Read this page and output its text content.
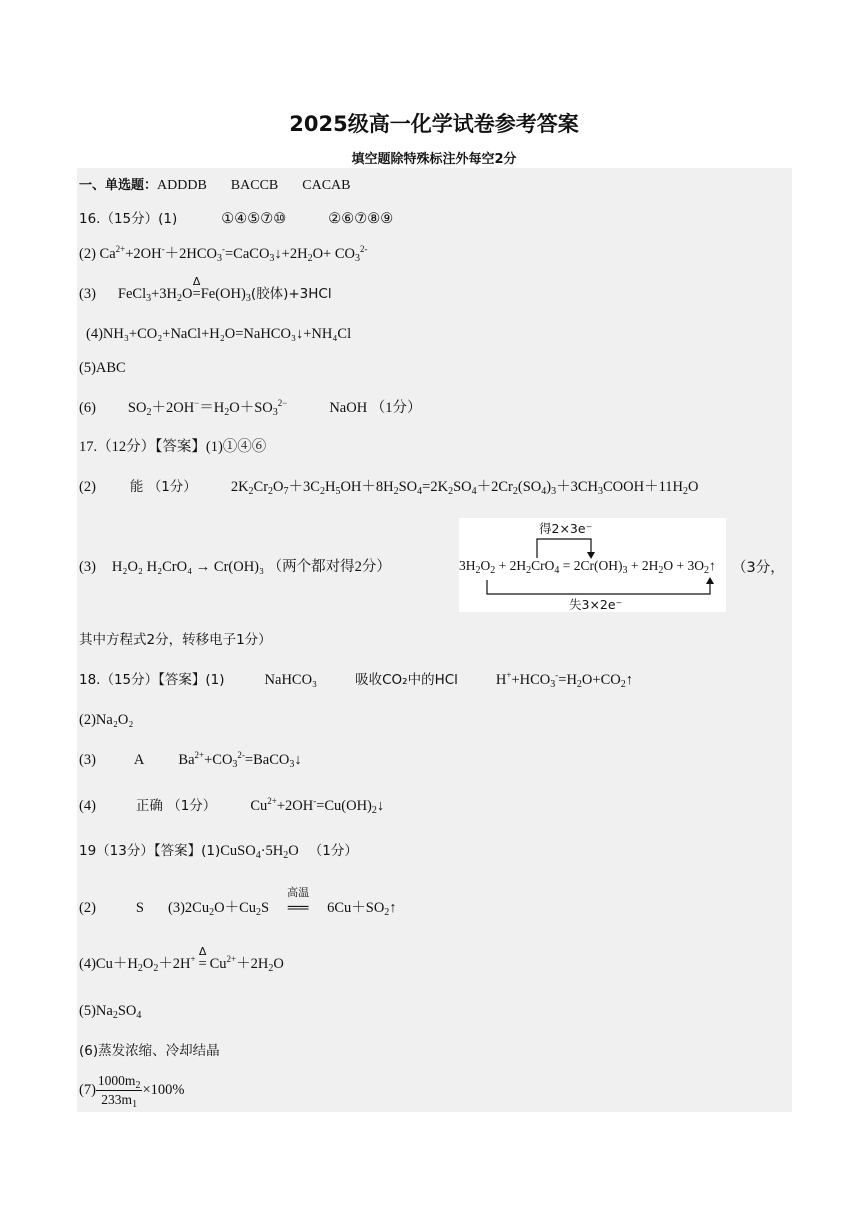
2025级高一化学试卷参考答案
填空题除特殊标注外每空2分
一、单选题：ADDDB BACCB CACAB
16.（15分）(1)	①④⑤⑦⑩	②⑥⑦⑧⑨
(2) $Ca^{2+}+2OH^-+2HCO_3^-=CaCO_3↓+2H_2O+ CO_3^{2-}$
(3) $FeCl_3+3H_2O$
Δ
$=Fe(OH)_3$(胶体)+3HCl
(4)NH₃+CO₂+NaCl+H₂O=NaHCO₃↓+NH₄Cl
(5)ABC
(6) $SO_2+2OH^-=H_2O+SO_3^{2-}$	NaOH （1分）
17.（12分）【答案】(1)①④⑥
(2)	能 （1分） $2K_2Cr_2O_7+3C_2H_5OH+8H_2SO_4=2K_2SO_4+2Cr_2(SO_4)_3+3CH_3COOH+11H_2O$
(3) H₂O₂ H₂CrO₄ → Cr(OH)₃ （两个都对得2分）
得2×3e⁻
$3H_2O_2 + 2H_2CrO_4 = 2Cr(OH)_3 + 2H_2O$ + $3O_2↑$
失3×2e⁻
（3分，
其中方程式2分，转移电子1分）
18.（15分）【答案】(1)	NaHCO₃	吸收CO₂中的HCl	$H^++HCO_3^-=H_2O+CO_2↑$
(2)Na₂O₂
(3)	A $Ba^{2+}+CO_3^{2-}=BaCO_3↓$
(4)	正确 （1分） $Cu^{2+}+2OH^-=Cu(OH)_2↓$
19（13分）【答案】$(1)CuSO_4\cdot 5H_2O$ （1分）
(2)	S $(3)2Cu_2O+Cu_2S$
高温
══ $6Cu+SO_2↑$
$(4)Cu+H_2O_2+2H^+$
Δ
= $Cu^{2+}+2H_2O$
$(5)Na_2SO_4$
(6)蒸发浓缩、冷却结晶
$(7) \frac{1000m_2}{233m_1} \times 100\%$
